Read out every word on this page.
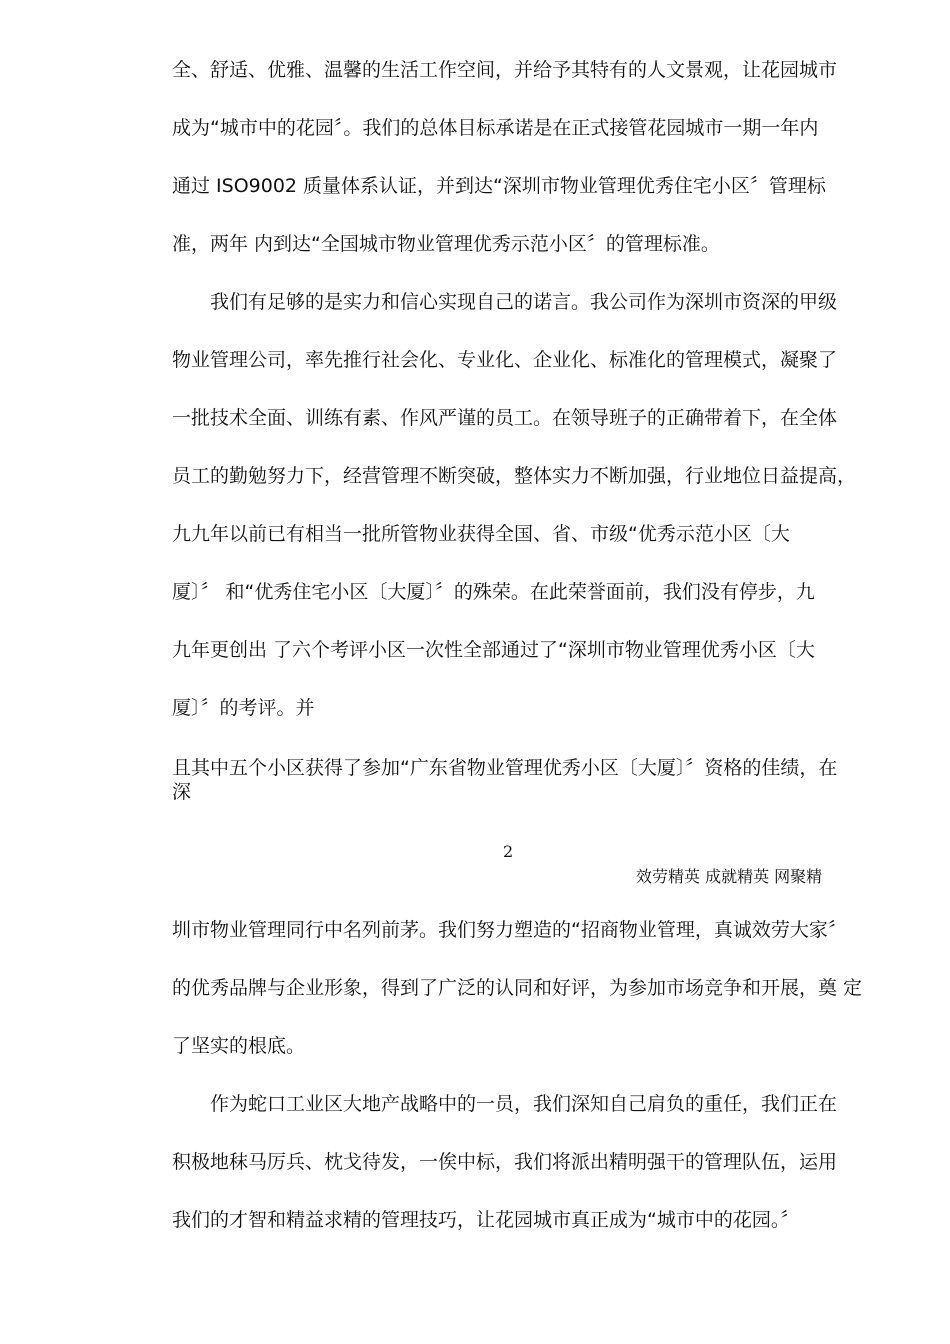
全、舒适、优雅、温馨的生活工作空间，并给予其特有的人文景观，让花园城市
成为“城市中的花园〞。我们的总体目标承诺是在正式接管花园城市一期一年内
通过 ISO9002 质量体系认证，并到达“深圳市物业管理优秀住宅小区〞管理标
准，两年 内到达“全国城市物业管理优秀示范小区〞的管理标准。
我们有足够的是实力和信心实现自己的诺言。我公司作为深圳市资深的甲级
物业管理公司，率先推行社会化、专业化、企业化、标准化的管理模式，凝聚了
一批技术全面、训练有素、作风严谨的员工。在领导班子的正确带着下，在全体
员工的勤勉努力下，经营管理不断突破，整体实力不断加强，行业地位日益提高，
九九年以前已有相当一批所管物业获得全国、省、市级“优秀示范小区〔大
厦〕〞 和“优秀住宅小区〔大厦〕〞的殊荣。在此荣誉面前，我们没有停步，九
九年更创出 了六个考评小区一次性全部通过了“深圳市物业管理优秀小区〔大
厦〕〞的考评。并
且其中五个小区获得了参加“广东省物业管理优秀小区〔大厦〕〞资格的佳绩，在
深
2
效劳精英 成就精英 网聚精
圳市物业管理同行中名列前茅。我们努力塑造的“招商物业管理，真诚效劳大家〞
的优秀品牌与企业形象，得到了广泛的认同和好评，为参加市场竞争和开展，奠 定
了坚实的根底。
作为蛇口工业区大地产战略中的一员，我们深知自己肩负的重任，我们正在
积极地秣马厉兵、枕戈待发，一俟中标，我们将派出精明强干的管理队伍，运用
我们的才智和精益求精的管理技巧，让花园城市真正成为“城市中的花园。〞
